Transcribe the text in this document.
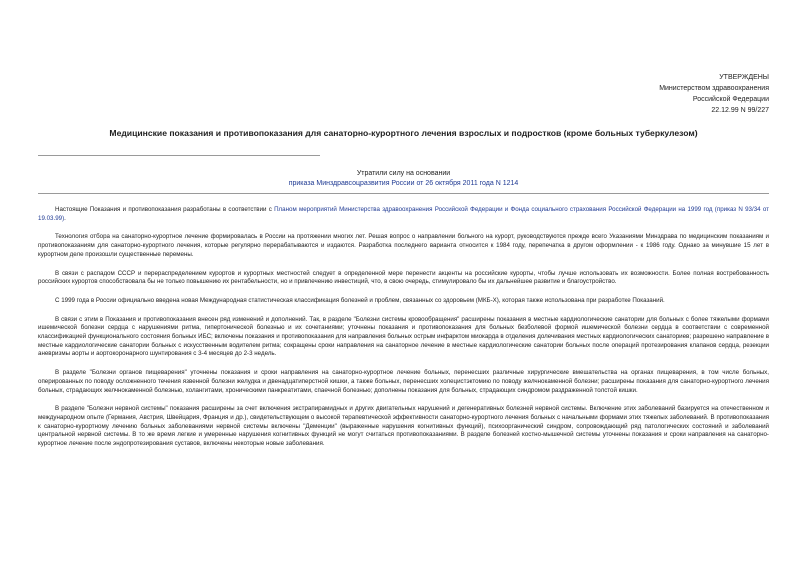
УТВЕРЖДЕНЫ
Министерством здравоохранения
Российской Федерации
22.12.99 N 99/227
Медицинские показания и противопоказания для санаторно-курортного лечения взрослых и подростков (кроме больных туберкулезом)
Утратили силу на основании
приказа Минздравсоцразвития России от 26 октября 2011 года N 1214

Настоящие Показания и противопоказания разработаны в соответствии с Планом мероприятий Министерства здравоохранения Российской Федерации и Фонда социального страхования Российской Федерации на 1999 год (приказ N 93/34 от 19.03.99).

Технология отбора на санаторно-курортное лечение формировалась в России на протяжении многих лет. Решая вопрос о направлении больного на курорт, руководствуются прежде всего Указаниями Минздрава по медицинским показаниям и противопоказаниям для санаторно-курортного лечения, которые регулярно перерабатываются и издаются. Разработка последнего варианта относится к 1984 году, перепечатка в другом оформлении - к 1986 году. Однако за минувшие 15 лет в курортном деле произошли существенные перемены.

В связи с распадом СССР и перераспределением курортов и курортных местностей следует в определенной мере перенести акценты на российские курорты, чтобы лучше использовать их возможности. Более полная востребованность российских курортов способствовала бы не только повышению их рентабельности, но и привлечению инвестиций, что, в свою очередь, стимулировало бы их дальнейшее развитие и благоустройство.

С 1999 года в России официально введена новая Международная статистическая классификация болезней и проблем, связанных со здоровьем (МКБ-Х), которая также использована при разработке Показаний.

В связи с этим в Показания и противопоказания внесен ряд изменений и дополнений. Так, в разделе "Болезни системы кровообращения" расширены показания в местные кардиологические санатории для больных с более тяжелыми формами ишемической болезни сердца с нарушениями ритма, гипертонической болезнью и их сочетаниями; уточнены показания и противопоказания для больных безболевой формой ишемической болезни сердца в соответствии с современной классификацией функционального состояния больных ИБС; включены показания и противопоказания для направления больных острым инфарктом миокарда в отделения долечивания местных кардиологических санаториев; разрешено направление в местные кардиологические санатории больных с искусственным водителем ритма; сокращены сроки направления на санаторное лечение в местные кардиологические санатории больных после операций протезирования клапанов сердца, резекции аневризмы аорты и аортокоронарного шунтирования с 3-4 месяцев до 2-3 недель.

В разделе "Болезни органов пищеварения" уточнены показания и сроки направления на санаторно-курортное лечение больных, перенесших различные хирургические вмешательства на органах пищеварения, в том числе больных, оперированных по поводу осложненного течения язвенной болезни желудка и двенадцатиперстной кишки, а также больных, перенесших холецистэктомию по поводу желчнокаменной болезни; расширены показания для санаторно-курортного лечения больных, страдающих желчнокаменной болезнью, холангитами, хроническими панкреатитами, спаечной болезнью; дополнены показания для больных, страдающих синдромом раздраженной толстой кишки.

В разделе "Болезни нервной системы" показания расширены за счет включения экстрапирамидных и других двигательных нарушений и дегенеративных болезней нервной системы. Включение этих заболеваний базируется на отечественном и международном опыте (Германия, Австрия, Швейцария, Франция и др.), свидетельствующем о высокой терапевтической эффективности санаторно-курортного лечения больных с начальными формами этих тяжелых заболеваний. В противопоказания к санаторно-курортному лечению больных заболеваниями нервной системы включены "Деменции" (выраженные нарушения когнитивных функций), психоорганический синдром, сопровождающий ряд патологических состояний и заболеваний центральной нервной системы. В то же время легкие и умеренные нарушения когнитивных функций не могут считаться противопоказаниями. В разделе болезней костно-мышечной системы уточнены показания и сроки направления на санаторно-курортное лечение после эндопротезирования суставов, включены некоторые новые заболевания.
